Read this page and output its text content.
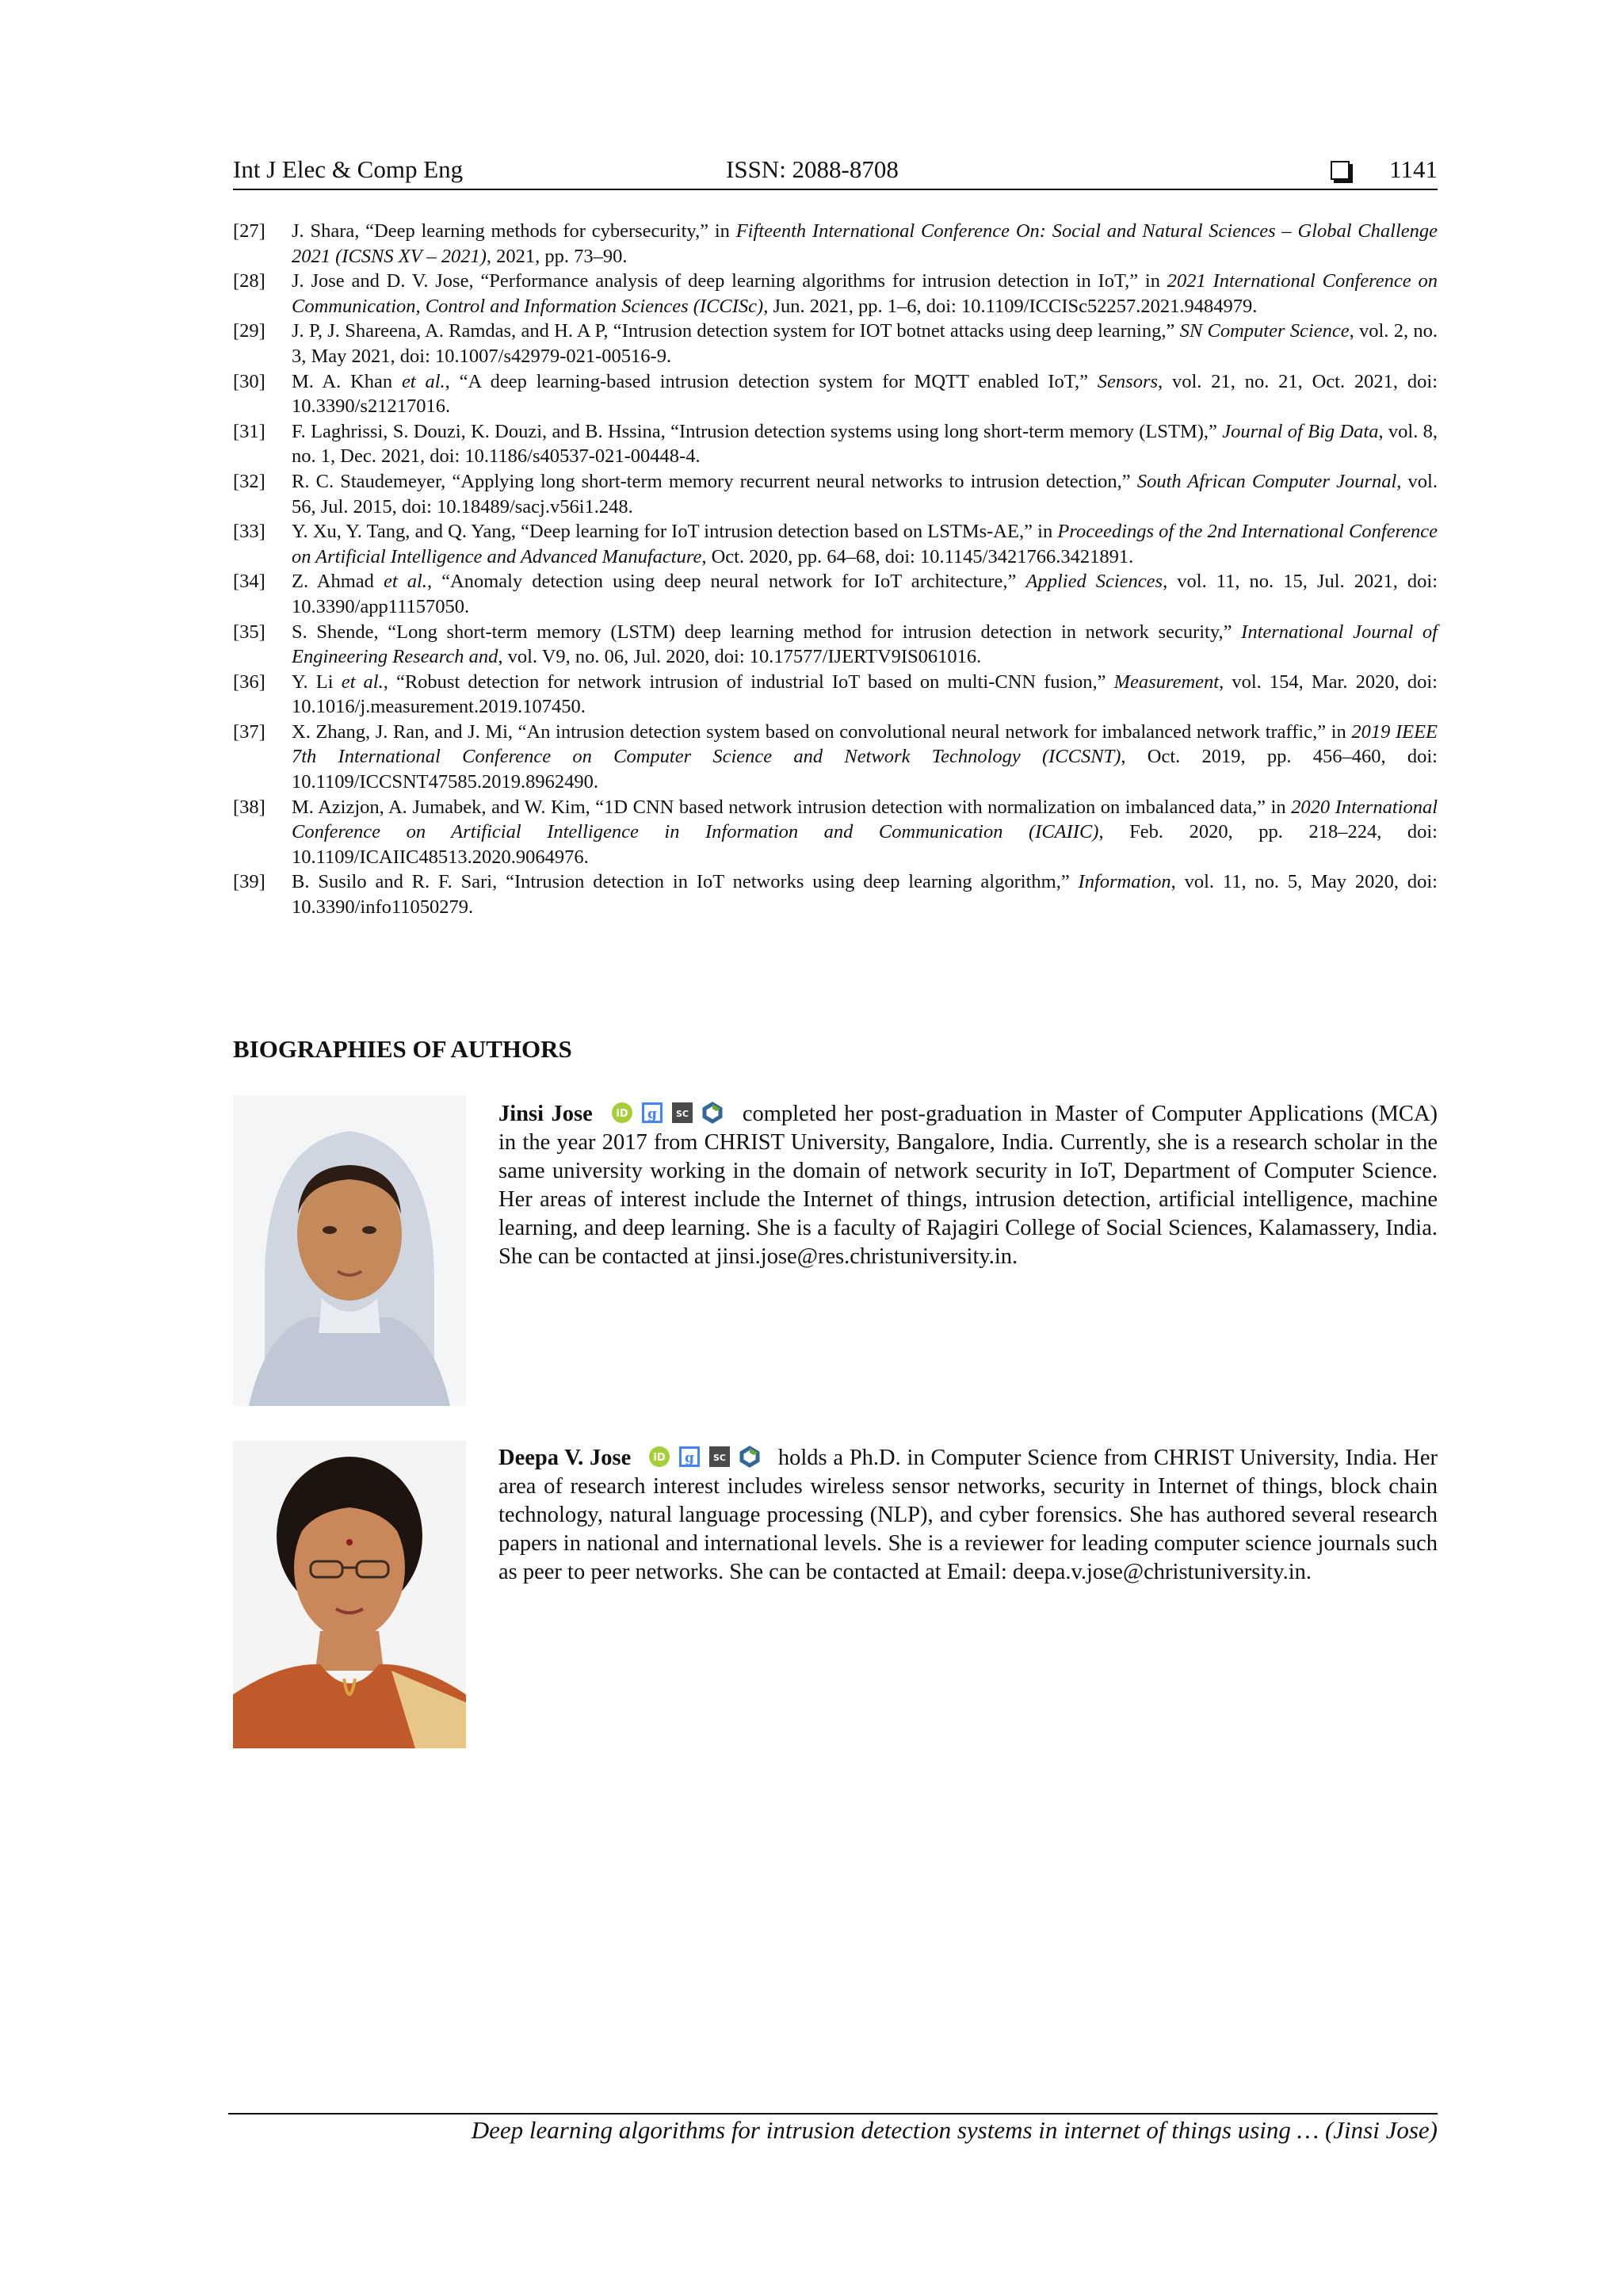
Int J Elec & Comp Eng	ISSN: 2088-8708	1141
[27]	J. Shara, “Deep learning methods for cybersecurity,” in Fifteenth International Conference On: Social and Natural Sciences – Global Challenge 2021 (ICSNS XV – 2021), 2021, pp. 73–90.
[28]	J. Jose and D. V. Jose, “Performance analysis of deep learning algorithms for intrusion detection in IoT,” in 2021 International Conference on Communication, Control and Information Sciences (ICCISc), Jun. 2021, pp. 1–6, doi: 10.1109/ICCISc52257.2021.9484979.
[29]	J. P, J. Shareena, A. Ramdas, and H. A P, “Intrusion detection system for IOT botnet attacks using deep learning,” SN Computer Science, vol. 2, no. 3, May 2021, doi: 10.1007/s42979-021-00516-9.
[30]	M. A. Khan et al., “A deep learning-based intrusion detection system for MQTT enabled IoT,” Sensors, vol. 21, no. 21, Oct. 2021, doi: 10.3390/s21217016.
[31]	F. Laghrissi, S. Douzi, K. Douzi, and B. Hssina, “Intrusion detection systems using long short-term memory (LSTM),” Journal of Big Data, vol. 8, no. 1, Dec. 2021, doi: 10.1186/s40537-021-00448-4.
[32]	R. C. Staudemeyer, “Applying long short-term memory recurrent neural networks to intrusion detection,” South African Computer Journal, vol. 56, Jul. 2015, doi: 10.18489/sacj.v56i1.248.
[33]	Y. Xu, Y. Tang, and Q. Yang, “Deep learning for IoT intrusion detection based on LSTMs-AE,” in Proceedings of the 2nd International Conference on Artificial Intelligence and Advanced Manufacture, Oct. 2020, pp. 64–68, doi: 10.1145/3421766.3421891.
[34]	Z. Ahmad et al., “Anomaly detection using deep neural network for IoT architecture,” Applied Sciences, vol. 11, no. 15, Jul. 2021, doi: 10.3390/app11157050.
[35]	S. Shende, “Long short-term memory (LSTM) deep learning method for intrusion detection in network security,” International Journal of Engineering Research and, vol. V9, no. 06, Jul. 2020, doi: 10.17577/IJERTV9IS061016.
[36]	Y. Li et al., “Robust detection for network intrusion of industrial IoT based on multi-CNN fusion,” Measurement, vol. 154, Mar. 2020, doi: 10.1016/j.measurement.2019.107450.
[37]	X. Zhang, J. Ran, and J. Mi, “An intrusion detection system based on convolutional neural network for imbalanced network traffic,” in 2019 IEEE 7th International Conference on Computer Science and Network Technology (ICCSNT), Oct. 2019, pp. 456–460, doi: 10.1109/ICCSNT47585.2019.8962490.
[38]	M. Azizjon, A. Jumabek, and W. Kim, “1D CNN based network intrusion detection with normalization on imbalanced data,” in 2020 International Conference on Artificial Intelligence in Information and Communication (ICAIIC), Feb. 2020, pp. 218–224, doi: 10.1109/ICAIIC48513.2020.9064976.
[39]	B. Susilo and R. F. Sari, “Intrusion detection in IoT networks using deep learning algorithm,” Information, vol. 11, no. 5, May 2020, doi: 10.3390/info11050279.
BIOGRAPHIES OF AUTHORS
Jinsi Jose iD g SC completed her post-graduation in Master of Computer Applications (MCA) in the year 2017 from CHRIST University, Bangalore, India. Currently, she is a research scholar in the same university working in the domain of network security in IoT, Department of Computer Science. Her areas of interest include the Internet of things, intrusion detection, artificial intelligence, machine learning, and deep learning. She is a faculty of Rajagiri College of Social Sciences, Kalamassery, India. She can be contacted at jinsi.jose@res.christuniversity.in.
Deepa V. Jose iD g SC holds a Ph.D. in Computer Science from CHRIST University, India. Her area of research interest includes wireless sensor networks, security in Internet of things, block chain technology, natural language processing (NLP), and cyber forensics. She has authored several research papers in national and international levels. She is a reviewer for leading computer science journals such as peer to peer networks. She can be contacted at Email: deepa.v.jose@christuniversity.in.
Deep learning algorithms for intrusion detection systems in internet of things using … (Jinsi Jose)
